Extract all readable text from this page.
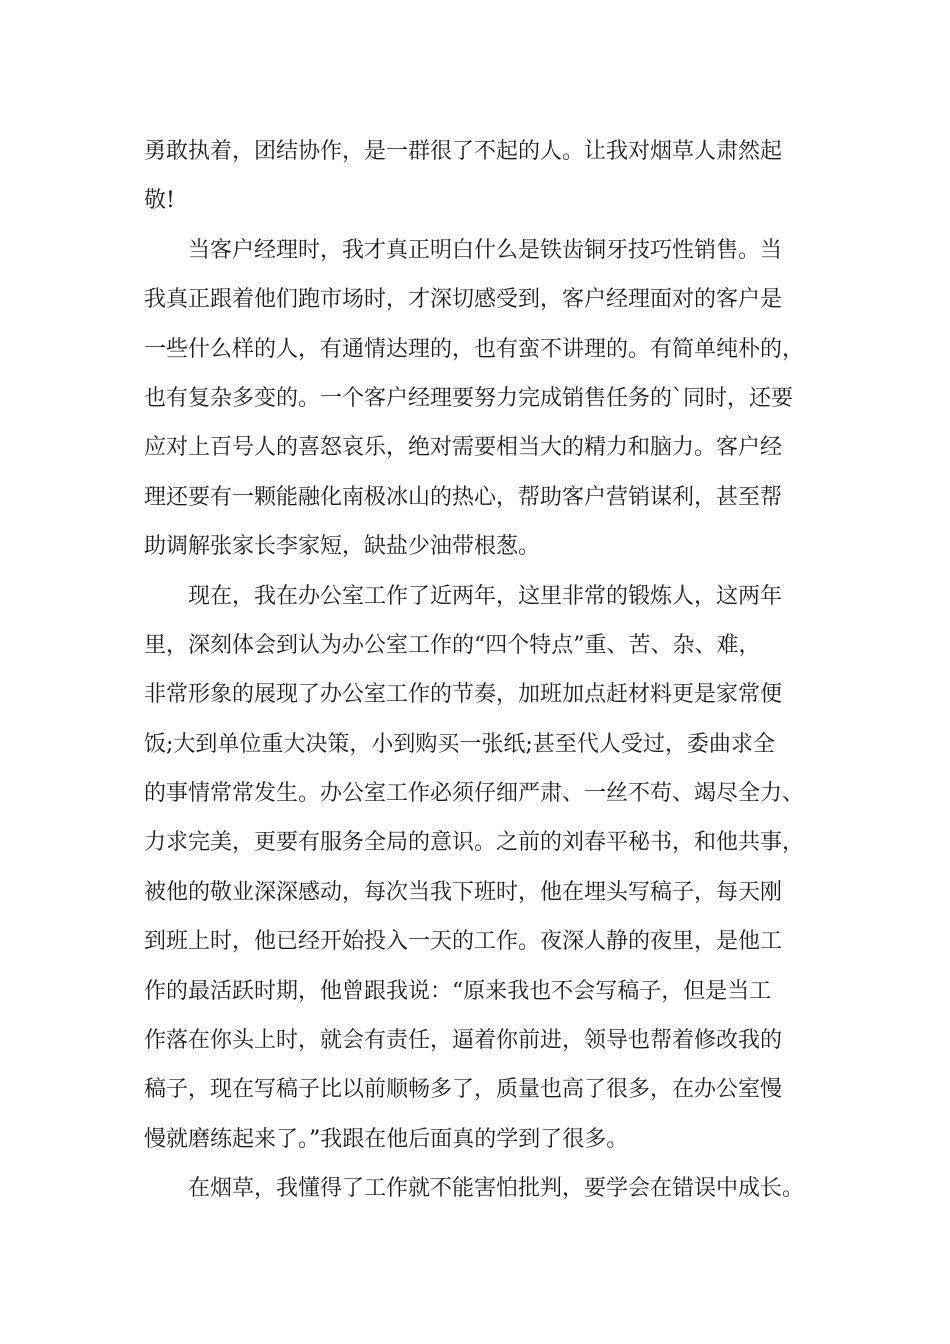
勇敢执着，团结协作，是一群很了不起的人。让我对烟草人肃然起
敬!
当客户经理时，我才真正明白什么是铁齿铜牙技巧性销售。当
我真正跟着他们跑市场时，才深切感受到，客户经理面对的客户是
一些什么样的人，有通情达理的，也有蛮不讲理的。有简单纯朴的，
也有复杂多变的。一个客户经理要努力完成销售任务的`同时，还要
应对上百号人的喜怒哀乐，绝对需要相当大的精力和脑力。客户经
理还要有一颗能融化南极冰山的热心，帮助客户营销谋利，甚至帮
助调解张家长李家短，缺盐少油带根葱。
现在，我在办公室工作了近两年，这里非常的锻炼人，这两年
里，深刻体会到认为办公室工作的“四个特点”重、苦、杂、难，
非常形象的展现了办公室工作的节奏，加班加点赶材料更是家常便
饭;大到单位重大决策，小到购买一张纸;甚至代人受过，委曲求全
的事情常常发生。办公室工作必须仔细严肃、一丝不苟、竭尽全力、
力求完美，更要有服务全局的意识。之前的刘春平秘书，和他共事，
被他的敬业深深感动，每次当我下班时，他在埋头写稿子，每天刚
到班上时，他已经开始投入一天的工作。夜深人静的夜里，是他工
作的最活跃时期，他曾跟我说：“原来我也不会写稿子，但是当工
作落在你头上时，就会有责任，逼着你前进，领导也帮着修改我的
稿子，现在写稿子比以前顺畅多了，质量也高了很多，在办公室慢
慢就磨练起来了。”我跟在他后面真的学到了很多。
在烟草，我懂得了工作就不能害怕批判，要学会在错误中成长。
